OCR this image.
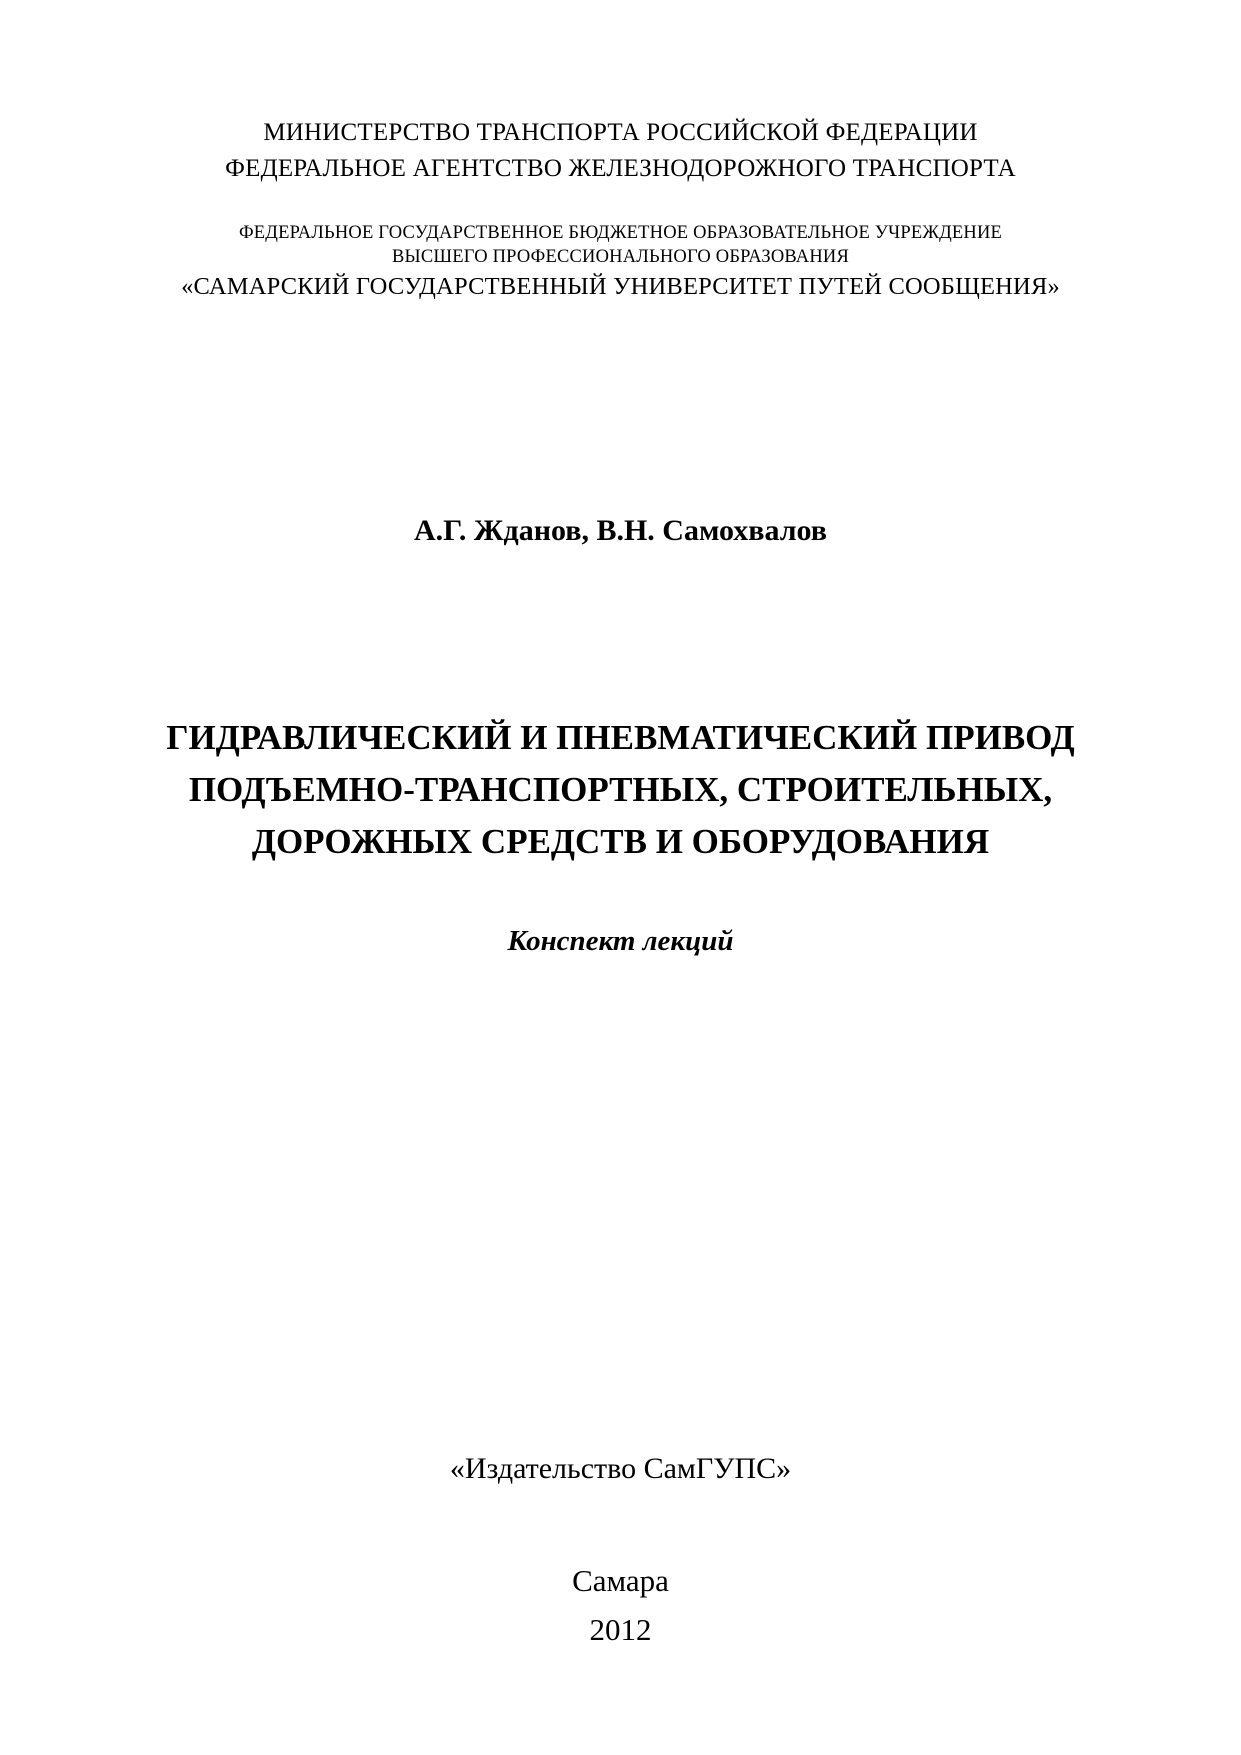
МИНИСТЕРСТВО ТРАНСПОРТА РОССИЙСКОЙ ФЕДЕРАЦИИ
ФЕДЕРАЛЬНОЕ АГЕНТСТВО ЖЕЛЕЗНОДОРОЖНОГО ТРАНСПОРТА
ФЕДЕРАЛЬНОЕ ГОСУДАРСТВЕННОЕ БЮДЖЕТНОЕ ОБРАЗОВАТЕЛЬНОЕ УЧРЕЖДЕНИЕ
ВЫСШЕГО ПРОФЕССИОНАЛЬНОГО ОБРАЗОВАНИЯ
«САМАРСКИЙ ГОСУДАРСТВЕННЫЙ УНИВЕРСИТЕТ ПУТЕЙ СООБЩЕНИЯ»
А.Г. Жданов, В.Н. Самохвалов
ГИДРАВЛИЧЕСКИЙ И ПНЕВМАТИЧЕСКИЙ ПРИВОД
ПОДЪЕМНО-ТРАНСПОРТНЫХ, СТРОИТЕЛЬНЫХ,
ДОРОЖНЫХ СРЕДСТВ И ОБОРУДОВАНИЯ
Конспект лекций
«Издательство СамГУПС»
Самара
2012
